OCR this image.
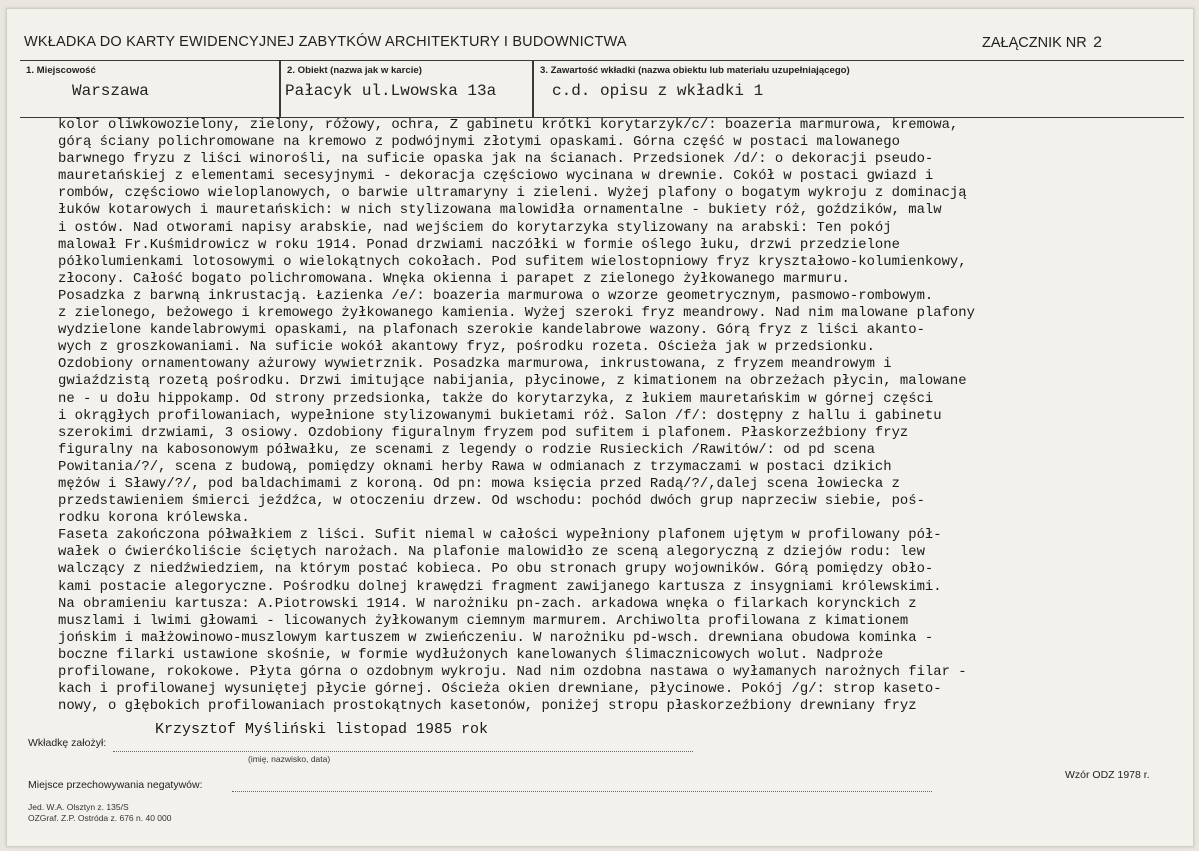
WKŁADKA DO KARTY EWIDENCYJNEJ ZABYTKÓW ARCHITEKTURY I BUDOWNICTWA	ZAŁĄCZNIK NR 2
1. Miejscowość
Warszawa
2. Obiekt (nazwa jak w karcie)
Pałacyk ul.Lwowska 13a
3. Zawartość wkładki (nazwa obiektu lub materiału uzupełniającego)
c.d. opisu z wkładki 1
kolor oliwkowozielony, zielony, różowy, ochra, Z gabinetu krótki korytarzyk/c/: boazeria marmurowa, kremowa,
górą ściany polichromowane na kremowo z podwójnymi złotymi opaskami. Górna część w postaci malowanego
barwnego fryzu z liści winorośli, na suficie opaska jak na ścianach. Przedsionek /d/: o dekoracji pseudo-
mauretańskiej z elementami secesyjnymi - dekoracja częściowo wycinana w drewnie. Cokół w postaci gwiazd i
rombów, częściowo wieloplanowych, o barwie ultramaryny i zieleni. Wyżej plafony o bogatym wykroju z dominacją
łuków kotarowych i mauretańskich: w nich stylizowana malowidła ornamentalne - bukiety róż, goździków, malw
i ostów. Nad otworami napisy arabskie, nad wejściem do korytarzyka stylizowany na arabski: Ten pokój
malował Fr.Kuśmidrowicz w roku 1914. Ponad drzwiami naczółki w formie oślego łuku, drzwi przedzielone
półkolumienkami lotosowymi o wielokątnych cokołach. Pod sufitem wielostopniowy fryz kryształowo-kolumienkowy,
złocony. Całość bogato polichromowana. Wnęka okienna i parapet z zielonego żyłkowanego marmuru.
Posadzka z barwną inkrustacją. Łazienka /e/: boazeria marmurowa o wzorze geometrycznym, pasmowo-rombowym.
z zielonego, beżowego i kremowego żyłkowanego kamienia. Wyżej szeroki fryz meandrowy. Nad nim malowane plafony
wydzielone kandelabrowymi opaskami, na plafonach szerokie kandelabrowe wazony. Górą fryz z liści akanto-
wych z groszkowaniami. Na suficie wokół akantowy fryz, pośrodku rozeta. Ościeża jak w przedsionku.
Ozdobiony ornamentowany ażurowy wywietrznik. Posadzka marmurowa, inkrustowana, z fryzem meandrowym i
gwiaździstą rozetą pośrodku. Drzwi imitujące nabijania, płycinowe, z kimationem na obrzeżach płycin, malowane
ne - u dołu hippokamp. Od strony przedsionka, także do korytarzyka, z łukiem mauretańskim w górnej części
i okrągłych profilowaniach, wypełnione stylizowanymi bukietami róż. Salon /f/: dostępny z hallu i gabinetu
szerokimi drzwiami, 3 osiowy. Ozdobiony figuralnym fryzem pod sufitem i plafonem. Płaskorzeźbiony fryz
figuralny na kabosonowym półwałku, ze scenami z legendy o rodzie Rusieckich /Rawitów/: od pd scena
Powitania/?/, scena z budową, pomiędzy oknami herby Rawa w odmianach z trzymaczami w postaci dzikich
mężów i Sławy/?/, pod baldachimami z koroną. Od pn: mowa księcia przed Radą/?/,dalej scena łowiecka z
przedstawieniem śmierci jeźdźca, w otoczeniu drzew. Od wschodu: pochód dwóch grup naprzeciw siebie, poś-
rodku korona królewska.
Faseta zakończona półwałkiem z liści. Sufit niemal w całości wypełniony plafonem ujętym w profilowany pół-
wałek o ćwierćkoliście ściętych narożach. Na plafonie malowidło ze sceną alegoryczną z dziejów rodu: lew
walczący z niedźwiedziem, na którym postać kobieca. Po obu stronach grupy wojowników. Górą pomiędzy obło-
kami postacie alegoryczne. Pośrodku dolnej krawędzi fragment zawijanego kartusza z insygniami królewskimi.
Na obramieniu kartusza: A.Piotrowski 1914. W narożniku pn-zach. arkadowa wnęka o filarkach korynckich z
muszlami i lwimi głowami - licowanych żyłkowanym ciemnym marmurem. Archiwolta profilowana z kimationem
jońskim i małżowinowo-muszlowym kartuszem w zwieńczeniu. W narożniku pd-wsch. drewniana obudowa kominka -
boczne filarki ustawione skośnie, w formie wydłużonych kanelowanych ślimacznicowych wolut. Nadproże
profilowane, rokokowe. Płyta górna o ozdobnym wykroju. Nad nim ozdobna nastawa o wyłamanych narożnych filar -
kach i profilowanej wysuniętej płycie górnej. Ościeża okien drewniane, płycinowe. Pokój /g/: strop kaseto-
nowy, o głębokich profilowaniach prostokątnych kasetonów, poniżej stropu płaskorzeźbiony drewniany fryz
Krzysztof Myśliński listopad 1985 rok
Wkładkę założył:
(imię, nazwisko, data)
Miejsce przechowywania negatywów:
Wzór ODZ 1978 r.
Jed. W.A. Olsztyn z. 135/S
OZGraf. Z.P. Ostróda z. 676 n. 40 000
